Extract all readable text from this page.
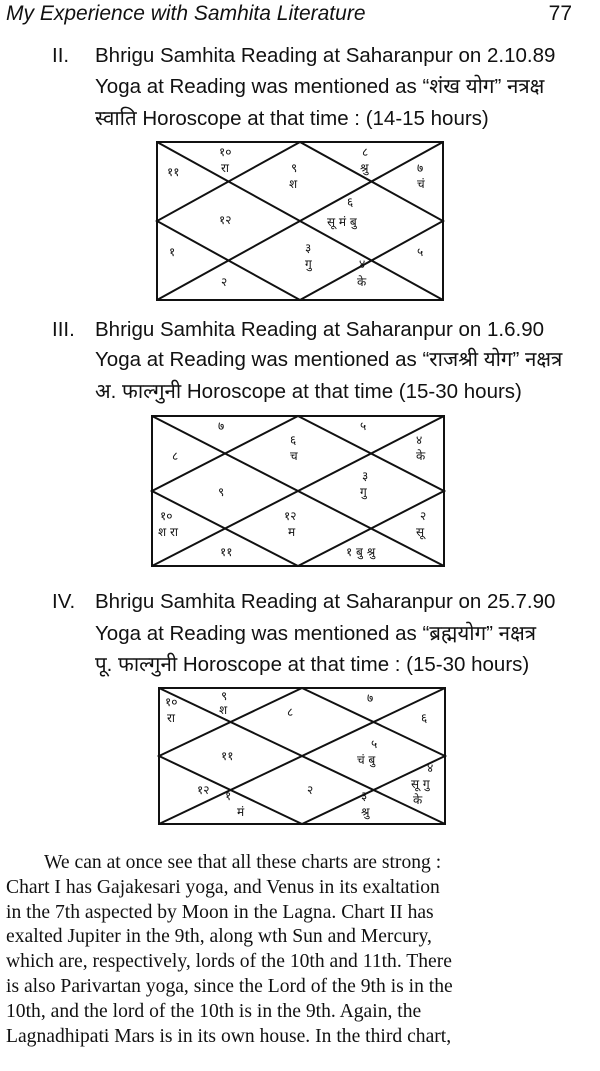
My Experience with Samhita Literature	77
II. Bhrigu Samhita Reading at Saharanpur on 2.10.89
Yoga at Reading was mentioned as “शंख योग” नत्रक्ष
स्वाति Horoscope at that time : (14-15 hours)
११
१०
रा	९
श
८
श्रु	७
चं
१२
६
सू मं बु
१
२
३
गु	४
के
५
III. Bhrigu Samhita Reading at Saharanpur on 1.6.90
Yoga at Reading was mentioned as “राजश्री योग” नक्षत्र
अ. फाल्गुनी Horoscope at that time (15-30 hours)
७	५
४
के
६
च
८
९
३
गु
१०
श रा
१२
म
२
सू
११	१ बु श्रु
IV. Bhrigu Samhita Reading at Saharanpur on 25.7.90
Yoga at Reading was mentioned as “ब्रह्मयोग” नक्षत्र
पू. फाल्गुनी Horoscope at that time : (15-30 hours)
१०
रा
९
श	८
७
६
११
५
चं बु
१२ १
मं
२	३
श्रु
४
सू गु
के
We can at once see that all these charts are strong :
Chart I has Gajakesari yoga, and Venus in its exaltation
in the 7th aspected by Moon in the Lagna. Chart II has
exalted Jupiter in the 9th, along wth Sun and Mercury,
which are, respectively, lords of the 10th and 11th. There
is also Parivartan yoga, since the Lord of the 9th is in the
10th, and the lord of the 10th is in the 9th. Again, the
Lagnadhipati Mars is in its own house. In the third chart,
